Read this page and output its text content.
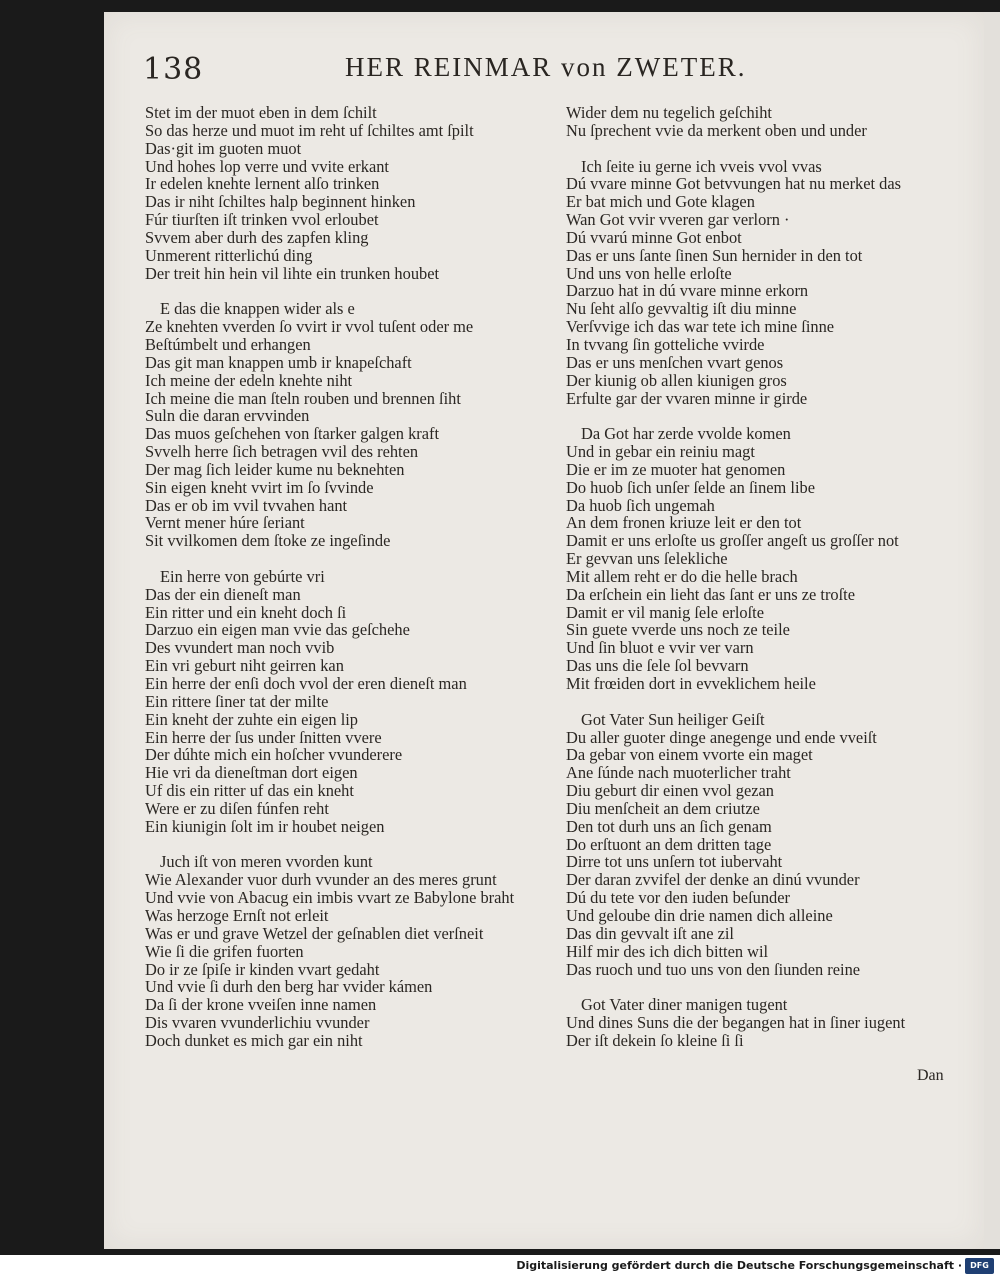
138	HER REINMAR von ZWETER.
Stet im der muot eben in dem ſchilt
So das herze und muot im reht uf ſchiltes amt ſpilt
Das·git im guoten muot
Und hohes lop verre und vvite erkant
Ir edelen knehte lernent alſo trinken
Das ir niht ſchiltes halp beginnent hinken
Fúr tiurſten iſt trinken vvol erloubet
Svvem aber durh des zapfen kling
Unmerent ritterlichú ding
Der treit hin hein vil lihte ein trunken houbet
E das die knappen wider als e
Ze knehten vverden ſo vvirt ir vvol tuſent oder me
Beſtúmbelt und erhangen
Das git man knappen umb ir knapeſchaft
Ich meine der edeln knehte niht
Ich meine die man ſteln rouben und brennen ſiht
Suln die daran ervvinden
Das muos geſchehen von ſtarker galgen kraft
Svvelh herre ſich betragen vvil des rehten
Der mag ſich leider kume nu beknehten
Sin eigen kneht vvirt im ſo ſvvinde
Das er ob im vvil tvvahen hant
Vernt mener húre ſeriant
Sit vvilkomen dem ſtoke ze ingeſinde
Ein herre von gebúrte vri
Das der ein dieneſt man
Ein ritter und ein kneht doch ſi
Darzuo ein eigen man vvie das geſchehe
Des vvundert man noch vvib
Ein vri geburt niht geirren kan
Ein herre der enſi doch vvol der eren dieneſt man
Ein rittere ſiner tat der milte
Ein kneht der zuhte ein eigen lip
Ein herre der ſus under ſnitten vvere
Der dúhte mich ein hoſcher vvunderere
Hie vri da dieneſtman dort eigen
Uf dis ein ritter uf das ein kneht
Were er zu diſen fúnfen reht
Ein kiunigin ſolt im ir houbet neigen
Juch iſt von meren vvorden kunt
Wie Alexander vuor durh vvunder an des meres grunt
Und vvie von Abacug ein imbis vvart ze Babylone braht
Was herzoge Ernſt not erleit
Was er und grave Wetzel der geſnablen diet verſneit
Wie ſi die grifen fuorten
Do ir ze ſpiſe ir kinden vvart gedaht
Und vvie ſi durh den berg har vvider kámen
Da ſi der krone vveiſen inne namen
Dis vvaren vvunderlichiu vvunder
Doch dunket es mich gar ein niht
Wider dem nu tegelich geſchiht
Nu ſprechent vvie da merkent oben und under
Ich ſeite iu gerne ich vveis vvol vvas
Dú vvare minne Got betvvungen hat nu merket das
Er bat mich und Gote klagen
Wan Got vvir vveren gar verlorn ·
Dú vvarú minne Got enbot
Das er uns ſante ſinen Sun hernider in den tot
Und uns von helle erloſte
Darzuo hat in dú vvare minne erkorn
Nu ſeht alſo gevvaltig iſt diu minne
Verſvvige ich das war tete ich mine ſinne
In tvvang ſin gotteliche vvirde
Das er uns menſchen vvart genos
Der kiunig ob allen kiunigen gros
Erfulte gar der vvaren minne ir girde
Da Got har zerde vvolde komen
Und in gebar ein reiniu magt
Die er im ze muoter hat genomen
Do huob ſich unſer ſelde an ſinem libe
Da huob ſich ungemah
An dem fronen kriuze leit er den tot
Damit er uns erloſte us groſſer angeſt us groſſer not
Er gevvan uns ſelekliche
Mit allem reht er do die helle brach
Da erſchein ein lieht das ſant er uns ze troſte
Damit er vil manig ſele erloſte
Sin guete vverde uns noch ze teile
Und ſin bluot e vvir ver varn
Das uns die ſele ſol bevvarn
Mit frœiden dort in evveklichem heile
Got Vater Sun heiliger Geiſt
Du aller guoter dinge anegenge und ende vveiſt
Da gebar von einem vvorte ein maget
Ane ſúnde nach muoterlicher traht
Diu geburt dir einen vvol gezan
Diu menſcheit an dem criutze
Den tot durh uns an ſich genam
Do erſtuont an dem dritten tage
Dirre tot uns unſern tot iubervaht
Der daran zvvifel der denke an dinú vvunder
Dú du tete vor den iuden beſunder
Und geloube din drie namen dich alleine
Das din gevvalt iſt ane zil
Hilf mir des ich dich bitten wil
Das ruoch und tuo uns von den ſiunden reine
Got Vater diner manigen tugent
Und dines Suns die der begangen hat in ſiner iugent
Der iſt dekein ſo kleine ſi ſi
Dan
Digitalisierung gefördert durch die Deutsche Forschungsgemeinschaft ·	DFG
